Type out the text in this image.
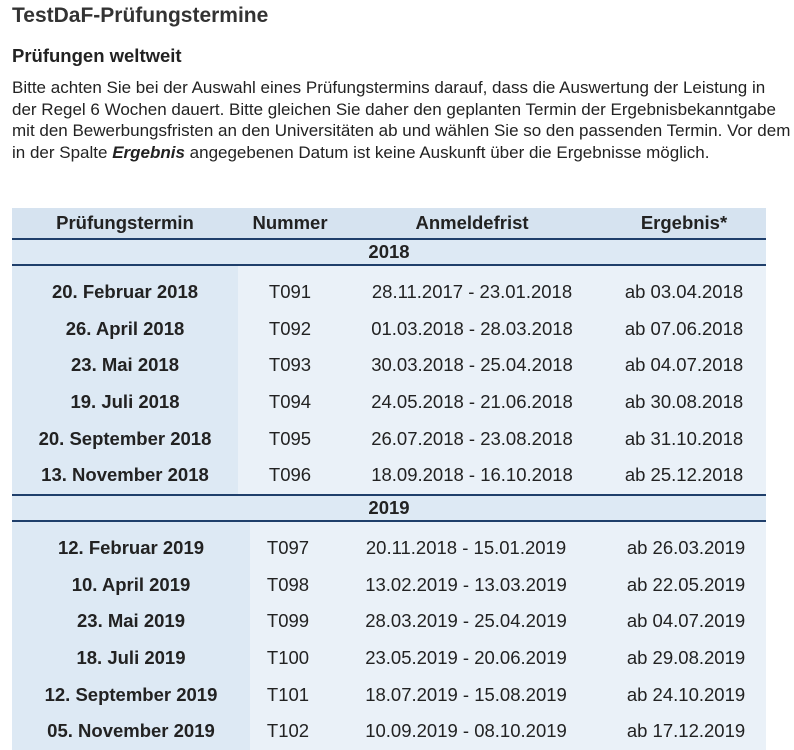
TestDaF-Prüfungstermine
Prüfungen weltweit

Bitte achten Sie bei der Auswahl eines Prüfungstermins darauf, dass die Auswertung der Leistung in der Regel 6 Wochen dauert. Bitte gleichen Sie daher den geplanten Termin der Ergebnisbekanntgabe mit den Bewerbungsfristen an den Universitäten ab und wählen Sie so den passenden Termin. Vor dem in der Spalte Ergebnis angegebenen Datum ist keine Auskunft über die Ergebnisse möglich.

Prüfungstermin	Nummer	Anmeldefrist	Ergebnis*
2018			

20. Februar 2018	T091	28.11.2017 - 23.01.2018	ab 03.04.2018
26. April 2018	T092	01.03.2018 - 28.03.2018	ab 07.06.2018
23. Mai 2018	T093	30.03.2018 - 25.04.2018	ab 04.07.2018
19. Juli 2018	T094	24.05.2018 - 21.06.2018	ab 30.08.2018
20. September 2018	T095	26.07.2018 - 23.08.2018	ab 31.10.2018
13. November 2018	T096	18.09.2018 - 16.10.2018	ab 25.12.2018
2019			

12. Februar 2019	T097	20.11.2018 - 15.01.2019	ab 26.03.2019
10. April 2019	T098	13.02.2019 - 13.03.2019	ab 22.05.2019
23. Mai 2019	T099	28.03.2019 - 25.04.2019	ab 04.07.2019
18. Juli 2019	T100	23.05.2019 - 20.06.2019	ab 29.08.2019
12. September 2019	T101	18.07.2019 - 15.08.2019	ab 24.10.2019
05. November 2019	T102	10.09.2019 - 08.10.2019	ab 17.12.2019
